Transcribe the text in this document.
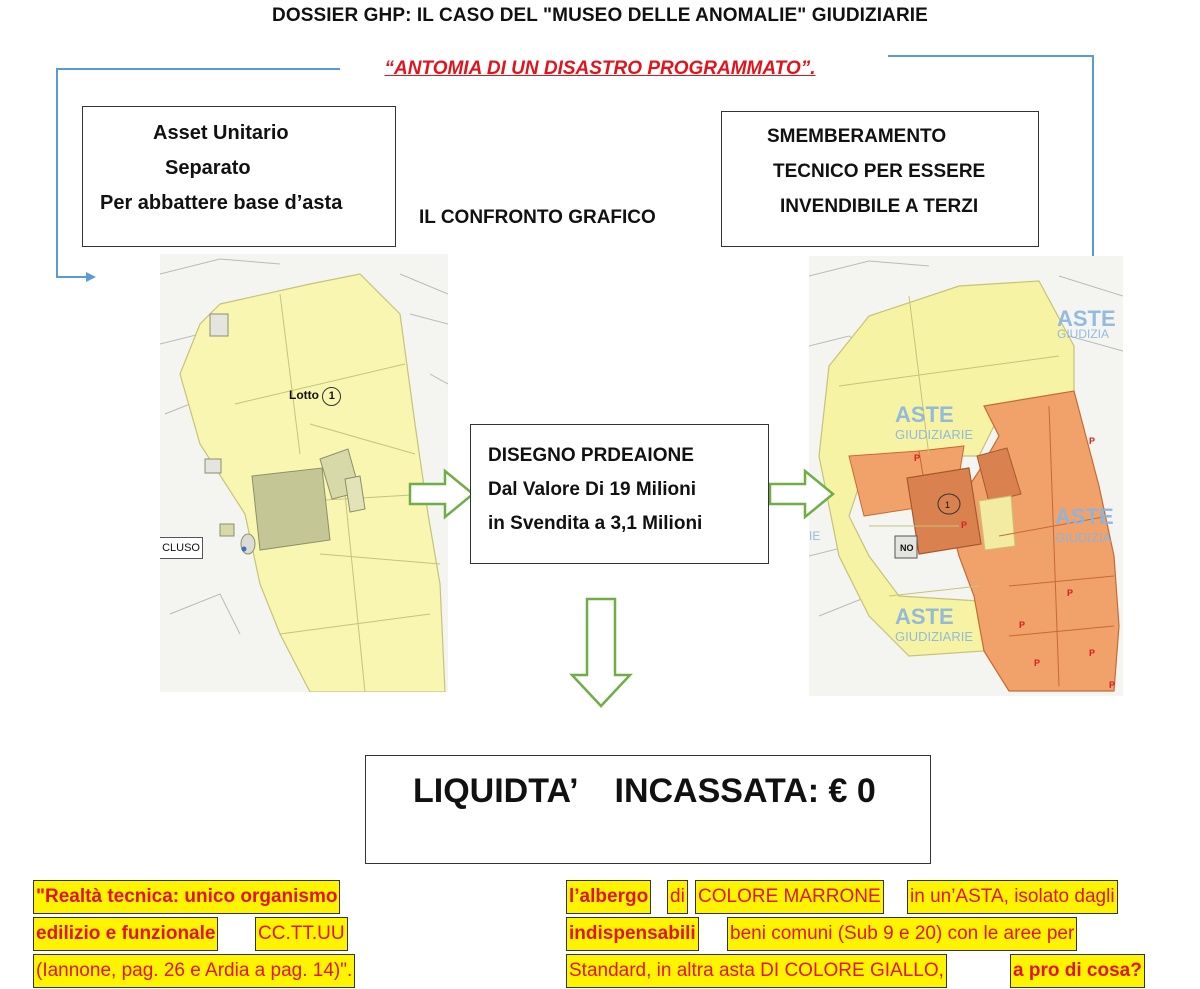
DOSSIER GHP: IL CASO DEL "MUSEO DELLE ANOMALIE" GIUDIZIARIE
“ANTOMIA DI UN DISASTRO PROGRAMMATO”.
Asset Unitario
Separato
Per abbattere base d’asta
SMEMBERAMENTO
TECNICO PER ESSERE
INVENDIBILE A TERZI
IL CONFRONTO GRAFICO
Lotto 1
CLUSO
ASTE
GIUDIZIA
ASTE
GIUDIZIARIE
ASTE
GIUDIZIA
ASTE
GIUDIZIARIE
IE
1
NO
P
P
P
P
P
P
P
P
DISEGNO PRDEAIONE
Dal Valore Di 19 Milioni
in Svendita a 3,1 Milioni
LIQUIDTA’    INCASSATA: € 0
"Realtà tecnica: unico organismo
edilizio e funzionale CC.TT.UU
(Iannone, pag. 26 e Ardia a pag. 14)".
l’albergo di COLORE MARRONE in un’ASTA, isolato dagli
indispensabili beni comuni (Sub 9 e 20) con le aree per
Standard, in altra asta DI COLORE GIALLO,	a pro di cosa?
